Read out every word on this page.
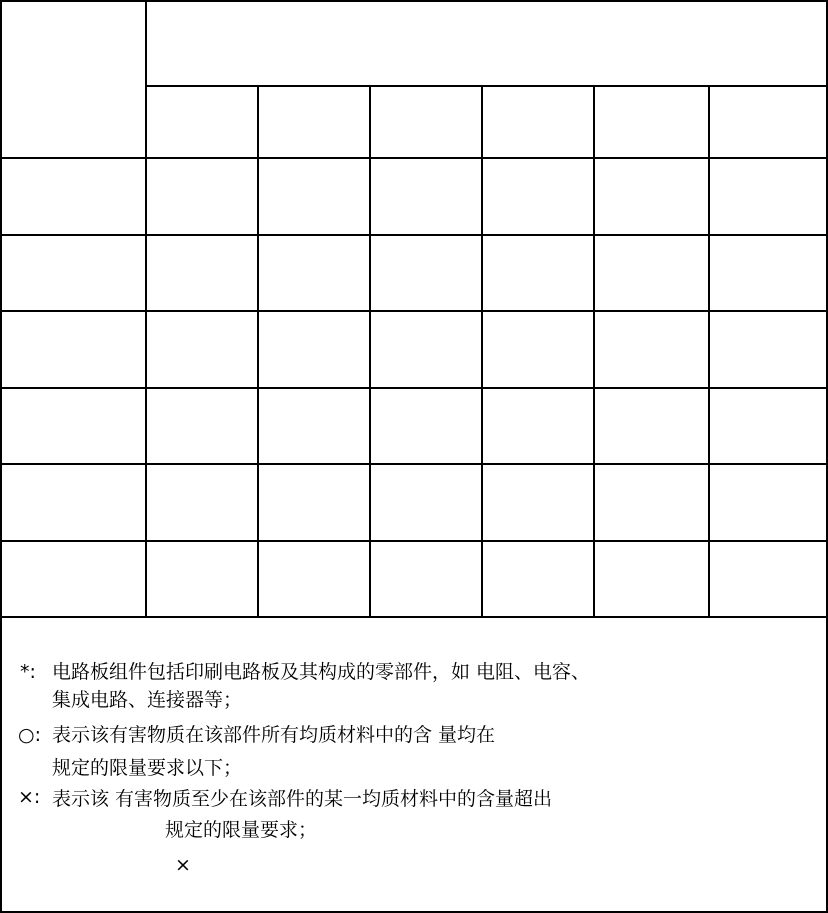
*: 电路板组件包括印刷电路板及其构成的零部件，如 电阻、电容、
集成电路、连接器等；
○: 表示该有害物质在该部件所有均质材料中的含 量均在
规定的限量要求以下；
×: 表示该 有害物质至少在该部件的某一均质材料中的含量超出
规定的限量要求；
×
